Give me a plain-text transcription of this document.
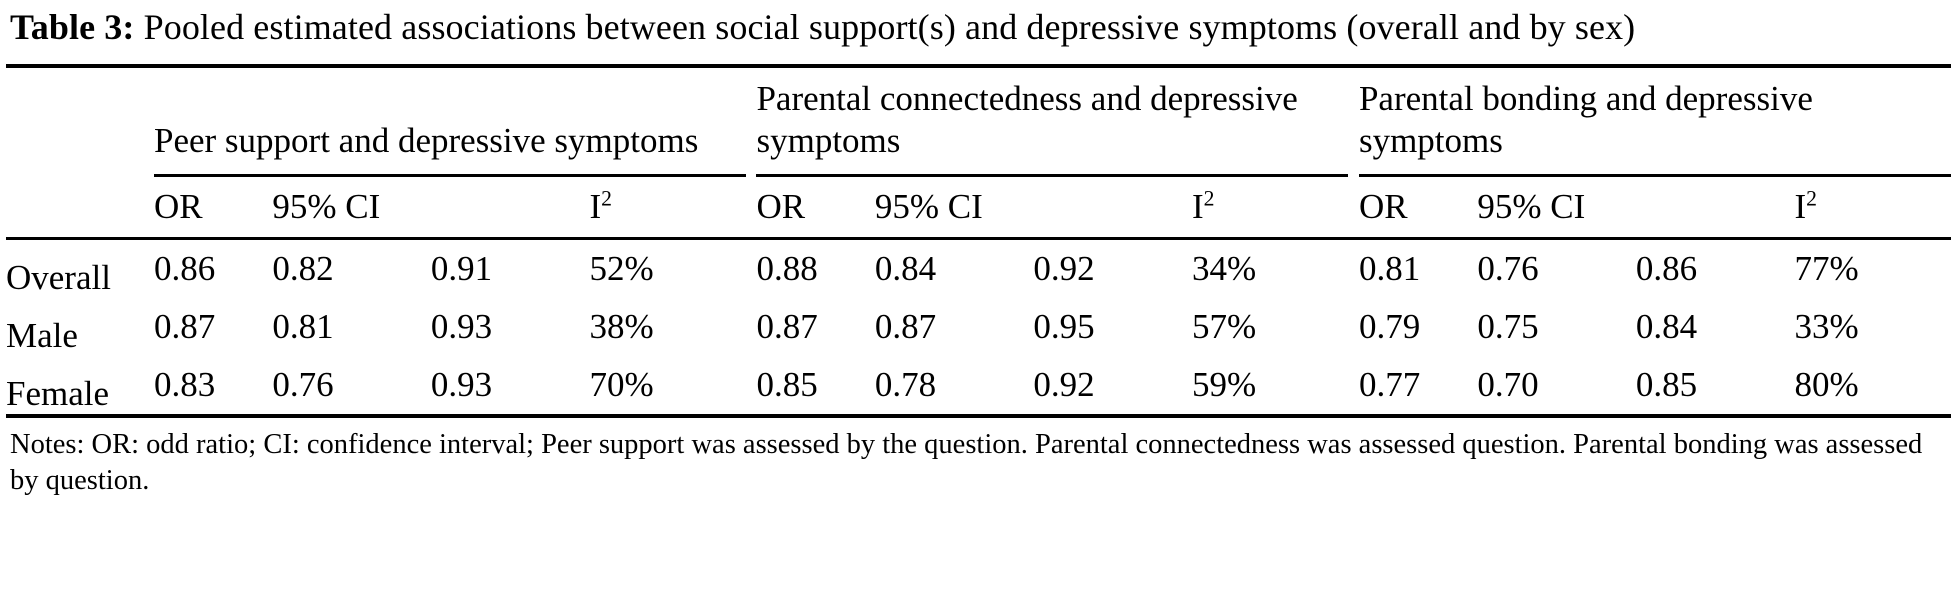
Table 3: Pooled estimated associations between social support(s) and depressive symptoms (overall and by sex)
	Peer support and depressive symptoms					Parental connectedness and depressive symptoms					Parental bonding and depressive symptoms			
	OR	95% CI		$I^2$		OR	95% CI		$I^2$		OR	95% CI		$I^2$
Overall	0.86	0.82	0.91	52%		0.88	0.84	0.92	34%		0.81	0.76	0.86	77%
Male	0.87	0.81	0.93	38%		0.87	0.87	0.95	57%		0.79	0.75	0.84	33%
Female	0.83	0.76	0.93	70%		0.85	0.78	0.92	59%		0.77	0.70	0.85	80%
Notes: OR: odd ratio; CI: confidence interval; Peer support was assessed by the question. Parental connectedness was assessed question. Parental bonding was assessed by question.
